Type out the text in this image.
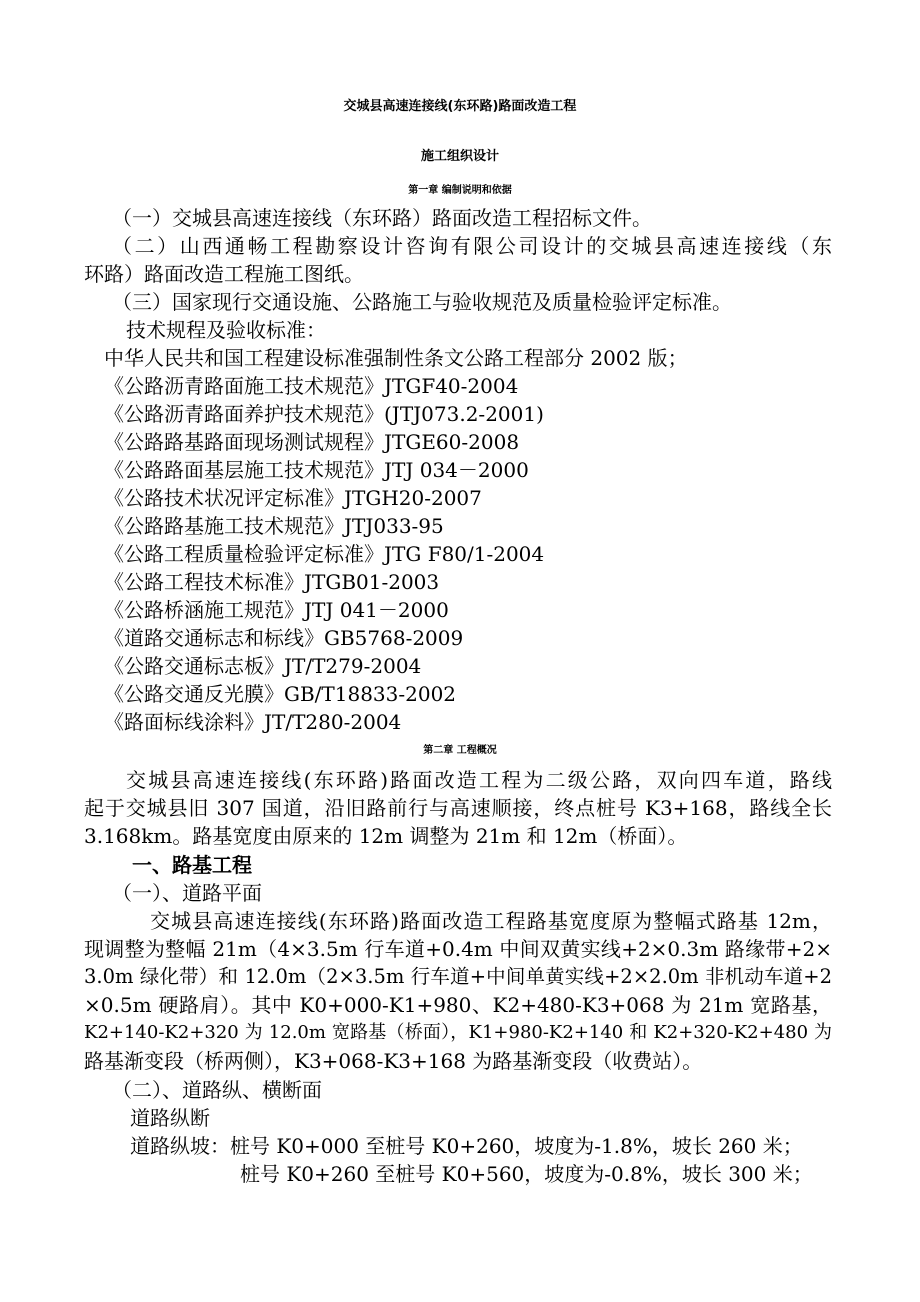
交城县高速连接线(东环路)路面改造工程
施工组织设计
第一章 编制说明和依据
（一）交城县高速连接线（东环路）路面改造工程招标文件。
（二）山西通畅工程勘察设计咨询有限公司设计的交城县高速连接线（东
环路）路面改造工程施工图纸。
（三）国家现行交通设施、公路施工与验收规范及质量检验评定标准。
技术规程及验收标准：
中华人民共和国工程建设标准强制性条文公路工程部分 2002 版；
《公路沥青路面施工技术规范》JTGF40-2004
《公路沥青路面养护技术规范》(JTJ073.2-2001)
《公路路基路面现场测试规程》JTGE60-2008
《公路路面基层施工技术规范》JTJ 034－2000
《公路技术状况评定标准》JTGH20-2007
《公路路基施工技术规范》JTJ033-95
《公路工程质量检验评定标准》JTG F80/1-2004
《公路工程技术标准》JTGB01-2003
《公路桥涵施工规范》JTJ 041－2000
《道路交通标志和标线》GB5768-2009
《公路交通标志板》JT/T279-2004
《公路交通反光膜》GB/T18833-2002
《路面标线涂料》JT/T280-2004
第二章 工程概况
交城县高速连接线(东环路)路面改造工程为二级公路，双向四车道，路线
起于交城县旧 307 国道，沿旧路前行与高速顺接，终点桩号 K3+168，路线全长
3.168km。路基宽度由原来的 12m 调整为 21m 和 12m（桥面）。
一、路基工程
（一）、道路平面
交城县高速连接线(东环路)路面改造工程路基宽度原为整幅式路基 12m，
现调整为整幅 21m（4×3.5m 行车道+0.4m 中间双黄实线+2×0.3m 路缘带+2×
3.0m 绿化带）和 12.0m（2×3.5m 行车道+中间单黄实线+2×2.0m 非机动车道+2
×0.5m 硬路肩）。其中 K0+000-K1+980、K2+480-K3+068 为 21m 宽路基，
K2+140-K2+320 为 12.0m 宽路基（桥面），K1+980-K2+140 和 K2+320-K2+480 为
路基渐变段（桥两侧），K3+068-K3+168 为路基渐变段（收费站）。
（二）、道路纵、横断面
道路纵断
道路纵坡：桩号 K0+000 至桩号 K0+260，坡度为-1.8%，坡长 260 米；
桩号 K0+260 至桩号 K0+560，坡度为-0.8%，坡长 300 米；
